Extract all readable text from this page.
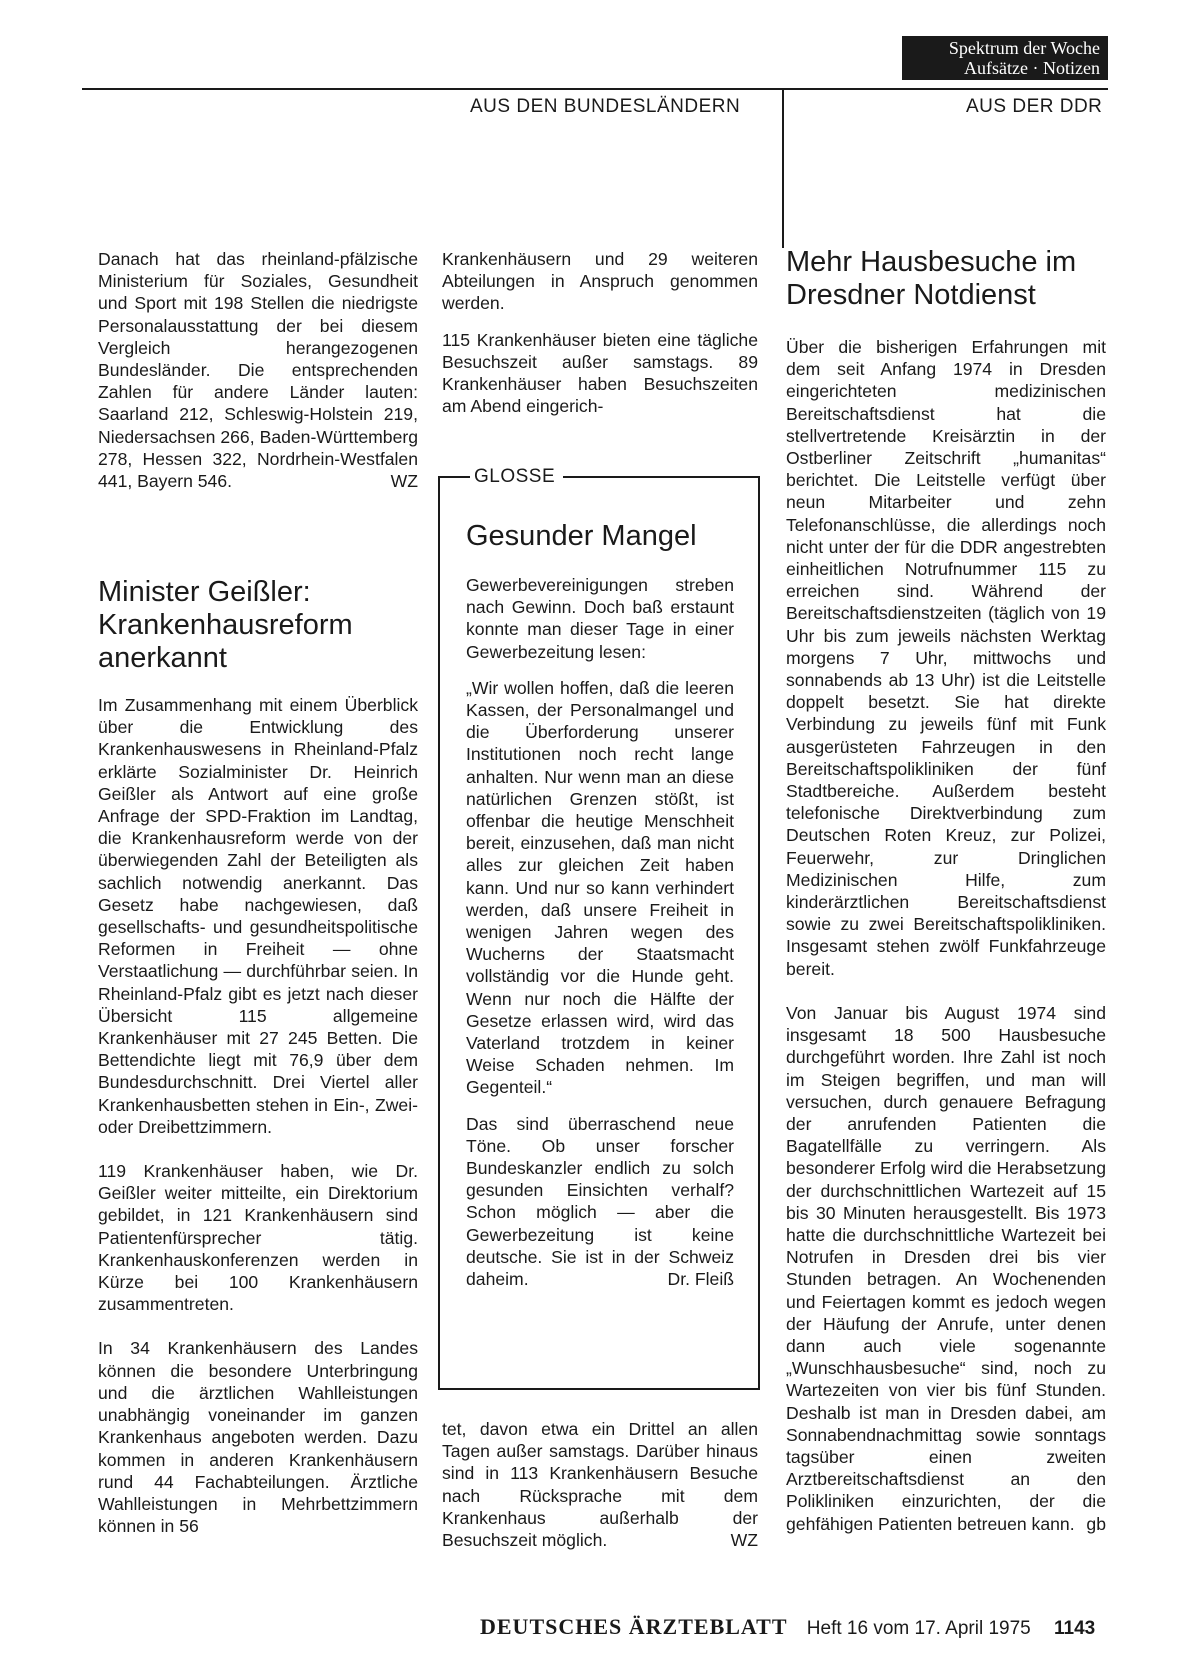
Spektrum der Woche
Aufsätze · Notizen
AUS DEN BUNDESLÄNDERN	AUS DER DDR

Danach hat das rheinland-pfälzische Ministerium für Soziales, Gesundheit und Sport mit 198 Stellen die niedrigste Personalausstattung der bei diesem Vergleich herangezogenen Bundesländer. Die entsprechenden Zahlen für andere Länder lauten: Saarland 212, Schleswig-Holstein 219, Niedersachsen 266, Baden-Württemberg 278, Hessen 322, Nordrhein-Westfalen 441, Bayern 546.	WZ

Minister Geißler: Krankenhausreform anerkannt

Im Zusammenhang mit einem Überblick über die Entwicklung des Krankenhauswesens in Rheinland-Pfalz erklärte Sozialminister Dr. Heinrich Geißler als Antwort auf eine große Anfrage der SPD-Fraktion im Landtag, die Krankenhausreform werde von der überwiegenden Zahl der Beteiligten als sachlich notwendig anerkannt. Das Gesetz habe nachgewiesen, daß gesellschafts- und gesundheitspolitische Reformen in Freiheit — ohne Verstaatlichung — durchführbar seien. In Rheinland-Pfalz gibt es jetzt nach dieser Übersicht 115 allgemeine Krankenhäuser mit 27 245 Betten. Die Bettendichte liegt mit 76,9 über dem Bundesdurchschnitt. Drei Viertel aller Krankenhausbetten stehen in Ein-, Zwei- oder Dreibettzimmern.

119 Krankenhäuser haben, wie Dr. Geißler weiter mitteilte, ein Direktorium gebildet, in 121 Krankenhäusern sind Patientenfürsprecher tätig. Krankenhauskonferenzen werden in Kürze bei 100 Krankenhäusern zusammentreten.

In 34 Krankenhäusern des Landes können die besondere Unterbringung und die ärztlichen Wahlleistungen unabhängig voneinander im ganzen Krankenhaus angeboten werden. Dazu kommen in anderen Krankenhäusern rund 44 Fachabteilungen. Ärztliche Wahlleistungen in Mehrbettzimmern können in 56

Krankenhäusern und 29 weiteren Abteilungen in Anspruch genommen werden.

115 Krankenhäuser bieten eine tägliche Besuchszeit außer samstags. 89 Krankenhäuser haben Besuchszeiten am Abend eingerich-

GLOSSE
Gesunder Mangel

Gewerbevereinigungen streben nach Gewinn. Doch baß erstaunt konnte man dieser Tage in einer Gewerbezeitung lesen:

„Wir wollen hoffen, daß die leeren Kassen, der Personalmangel und die Überforderung unserer Institutionen noch recht lange anhalten. Nur wenn man an diese natürlichen Grenzen stößt, ist offenbar die heutige Menschheit bereit, einzusehen, daß man nicht alles zur gleichen Zeit haben kann. Und nur so kann verhindert werden, daß unsere Freiheit in wenigen Jahren wegen des Wucherns der Staatsmacht vollständig vor die Hunde geht. Wenn nur noch die Hälfte der Gesetze erlassen wird, wird das Vaterland trotzdem in keiner Weise Schaden nehmen. Im Gegenteil.“

Das sind überraschend neue Töne. Ob unser forscher Bundeskanzler endlich zu solch gesunden Einsichten verhalf? Schon möglich — aber die Gewerbezeitung ist keine deutsche. Sie ist in der Schweiz daheim.	Dr. Fleiß

tet, davon etwa ein Drittel an allen Tagen außer samstags. Darüber hinaus sind in 113 Krankenhäusern Besuche nach Rücksprache mit dem Krankenhaus außerhalb der Besuchszeit möglich.	WZ

Mehr Hausbesuche im Dresdner Notdienst

Über die bisherigen Erfahrungen mit dem seit Anfang 1974 in Dresden eingerichteten medizinischen Bereitschaftsdienst hat die stellvertretende Kreisärztin in der Ostberliner Zeitschrift „humanitas“ berichtet. Die Leitstelle verfügt über neun Mitarbeiter und zehn Telefonanschlüsse, die allerdings noch nicht unter der für die DDR angestrebten einheitlichen Notrufnummer 115 zu erreichen sind. Während der Bereitschaftsdienstzeiten (täglich von 19 Uhr bis zum jeweils nächsten Werktag morgens 7 Uhr, mittwochs und sonnabends ab 13 Uhr) ist die Leitstelle doppelt besetzt. Sie hat direkte Verbindung zu jeweils fünf mit Funk ausgerüsteten Fahrzeugen in den Bereitschaftspolikliniken der fünf Stadtbereiche. Außerdem besteht telefonische Direktverbindung zum Deutschen Roten Kreuz, zur Polizei, Feuerwehr, zur Dringlichen Medizinischen Hilfe, zum kinderärztlichen Bereitschaftsdienst sowie zu zwei Bereitschaftspolikliniken. Insgesamt stehen zwölf Funkfahrzeuge bereit.

Von Januar bis August 1974 sind insgesamt 18 500 Hausbesuche durchgeführt worden. Ihre Zahl ist noch im Steigen begriffen, und man will versuchen, durch genauere Befragung der anrufenden Patienten die Bagatellfälle zu verringern. Als besonderer Erfolg wird die Herabsetzung der durchschnittlichen Wartezeit auf 15 bis 30 Minuten herausgestellt. Bis 1973 hatte die durchschnittliche Wartezeit bei Notrufen in Dresden drei bis vier Stunden betragen. An Wochenenden und Feiertagen kommt es jedoch wegen der Häufung der Anrufe, unter denen dann auch viele sogenannte „Wunschhausbesuche“ sind, noch zu Wartezeiten von vier bis fünf Stunden. Deshalb ist man in Dresden dabei, am Sonnabendnachmittag sowie sonntags tagsüber einen zweiten Arztbereitschaftsdienst an den Polikliniken einzurichten, der die gehfähigen Patienten betreuen kann. gb

DEUTSCHES ÄRZTEBLATT Heft 16 vom 17. April 1975 1143
